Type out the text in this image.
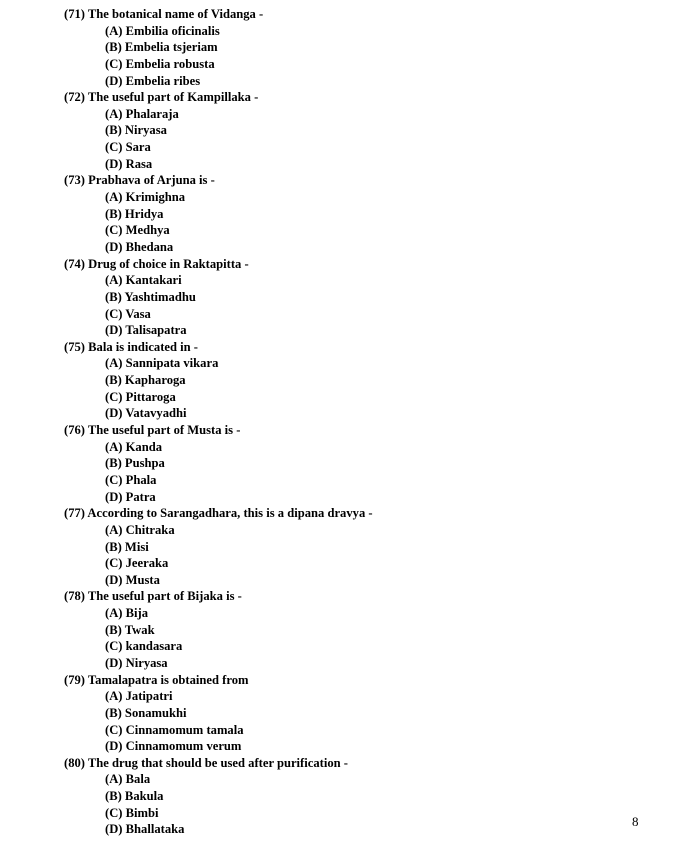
(71) The botanical name of Vidanga -
(A) Embilia oficinalis
(B) Embelia tsjeriam
(C) Embelia robusta
(D) Embelia ribes
(72) The useful part of Kampillaka -
(A) Phalaraja
(B) Niryasa
(C) Sara
(D) Rasa
(73) Prabhava of Arjuna is -
(A) Krimighna
(B) Hridya
(C) Medhya
(D) Bhedana
(74) Drug of choice in Raktapitta -
(A) Kantakari
(B) Yashtimadhu
(C) Vasa
(D) Talisapatra
(75) Bala is indicated in -
(A) Sannipata vikara
(B) Kapharoga
(C) Pittaroga
(D) Vatavyadhi
(76) The useful part of Musta is -
(A) Kanda
(B) Pushpa
(C) Phala
(D) Patra
(77) According to Sarangadhara, this is a dipana dravya -
(A) Chitraka
(B) Misi
(C) Jeeraka
(D) Musta
(78) The useful part of Bijaka is -
(A) Bija
(B) Twak
(C) kandasara
(D) Niryasa
(79) Tamalapatra is obtained from
(A) Jatipatri
(B) Sonamukhi
(C) Cinnamomum tamala
(D) Cinnamomum verum
(80) The drug that should be used after purification -
(A) Bala
(B) Bakula
(C) Bimbi
(D) Bhallataka
8
